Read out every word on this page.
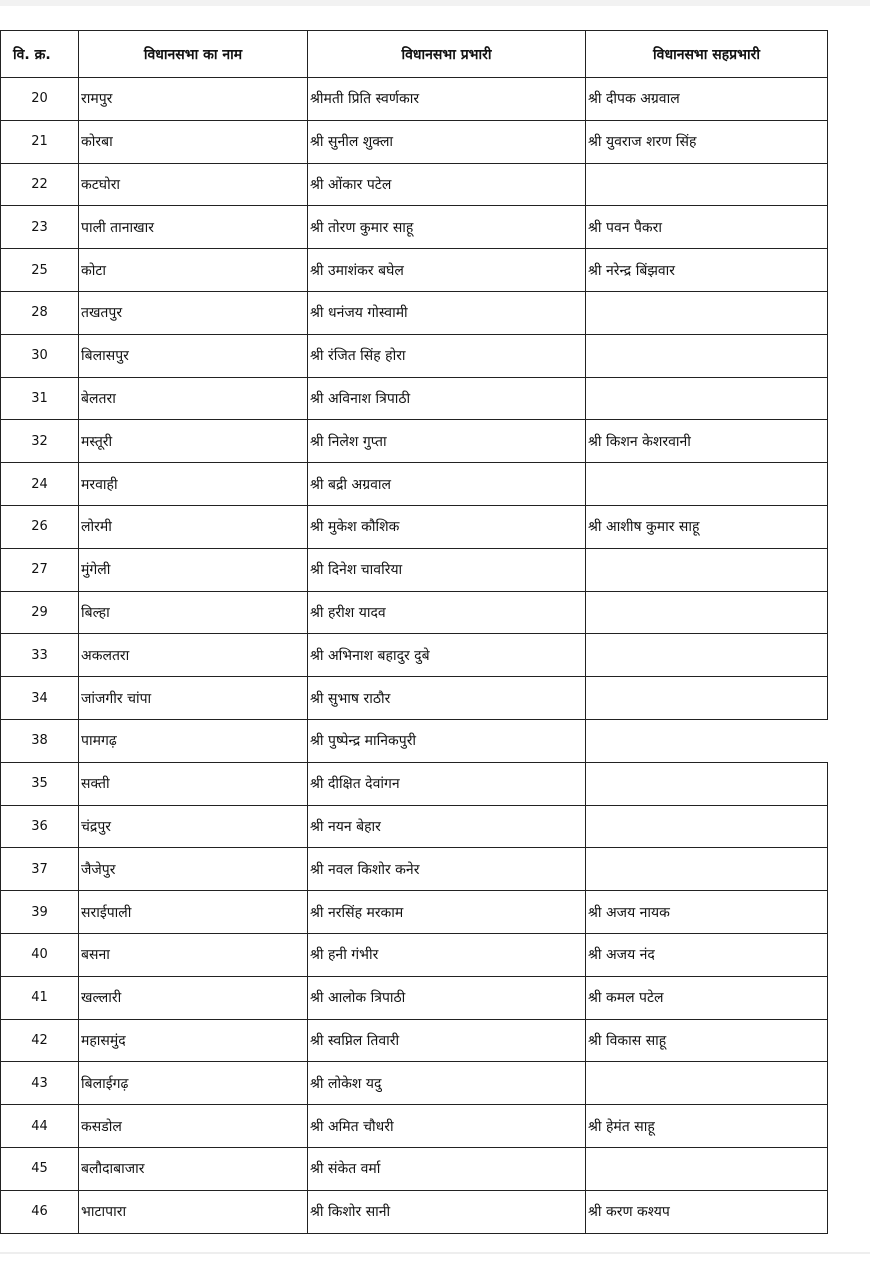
वि. क्र.	विधानसभा का नाम	विधानसभा प्रभारी	विधानसभा सहप्रभारी
20	रामपुर	श्रीमती प्रिति स्वर्णकार	श्री दीपक अग्रवाल
21	कोरबा	श्री सुनील शुक्ला	श्री युवराज शरण सिंह
22	कटघोरा	श्री ओंकार पटेल	
23	पाली तानाखार	श्री तोरण कुमार साहू	श्री पवन पैकरा
25	कोटा	श्री उमाशंकर बघेल	श्री नरेन्द्र बिंझवार
28	तखतपुर	श्री धनंजय गोस्वामी	
30	बिलासपुर	श्री रंजित सिंह होरा	
31	बेलतरा	श्री अविनाश त्रिपाठी	
32	मस्तूरी	श्री निलेश गुप्ता	श्री किशन केशरवानी
24	मरवाही	श्री बद्री अग्रवाल	
26	लोरमी	श्री मुकेश कौशिक	श्री आशीष कुमार साहू
27	मुंगेली	श्री दिनेश चावरिया	
29	बिल्हा	श्री हरीश यादव	
33	अकलतरा	श्री अभिनाश बहादुर दुबे	
34	जांजगीर चांपा	श्री सुभाष राठौर	
38	पामगढ़	श्री पुष्पेन्द्र मानिकपुरी	
35	सक्ती	श्री दीक्षित देवांगन	
36	चंद्रपुर	श्री नयन बेहार	
37	जैजेपुर	श्री नवल किशोर कनेर	
39	सराईपाली	श्री नरसिंह मरकाम	श्री अजय नायक
40	बसना	श्री हनी गंभीर	श्री अजय नंद
41	खल्लारी	श्री आलोक त्रिपाठी	श्री कमल पटेल
42	महासमुंद	श्री स्वप्निल तिवारी	श्री विकास साहू
43	बिलाईगढ़	श्री लोकेश यदु	
44	कसडोल	श्री अमित चौधरी	श्री हेमंत साहू
45	बलौदाबाजार	श्री संकेत वर्मा	
46	भाटापारा	श्री किशोर सानी	श्री करण कश्यप
